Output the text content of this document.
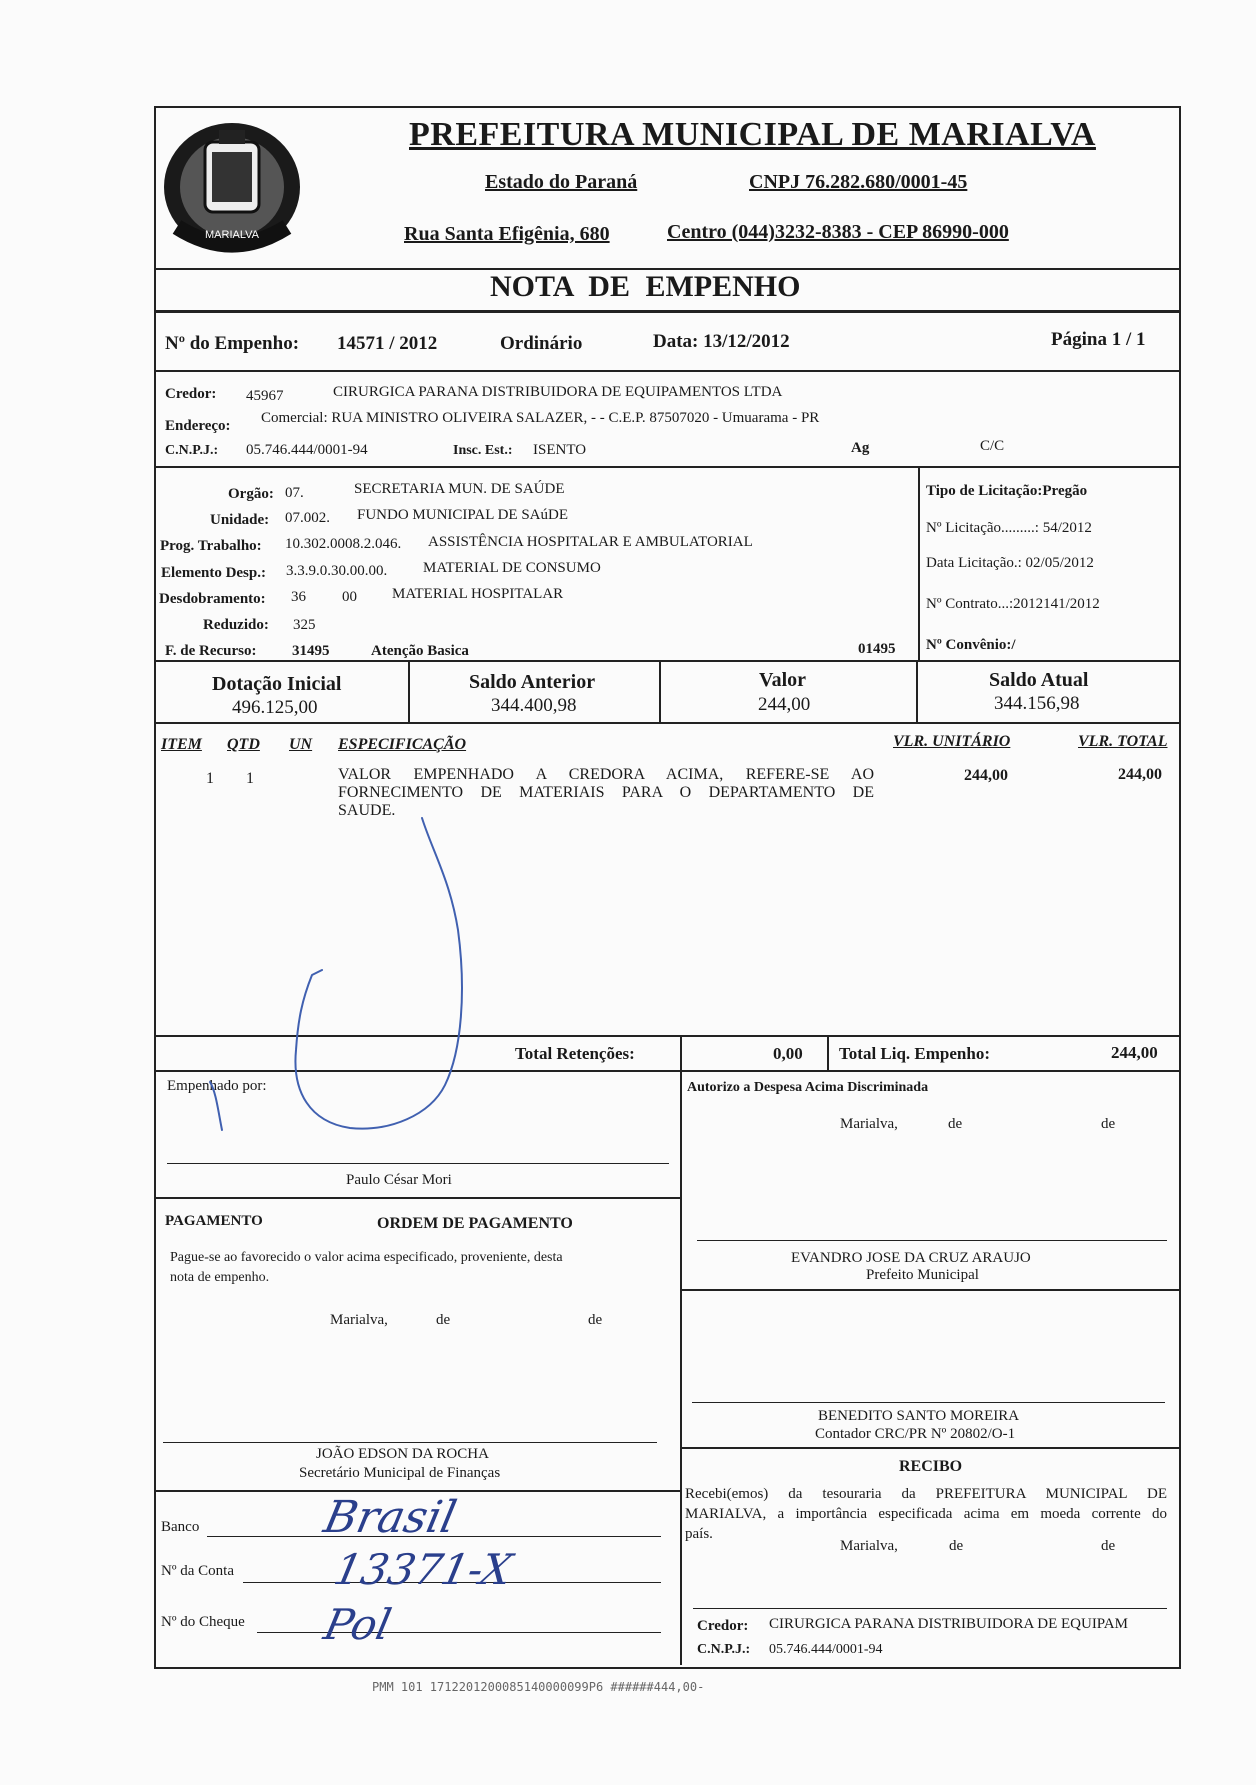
MARIALVA
PREFEITURA MUNICIPAL DE MARIALVA
Estado do Paraná	CNPJ 76.282.680/0001-45
Rua Santa Efigênia, 680	Centro (044)3232-8383 - CEP 86990-000
NOTA DE EMPENHO
Nº do Empenho: 14571 / 2012	Ordinário	Data: 13/12/2012	Página 1 / 1
Credor: 45967	CIRURGICA PARANA DISTRIBUIDORA DE EQUIPAMENTOS LTDA
Endereço: Comercial: RUA MINISTRO OLIVEIRA SALAZER, - - C.E.P. 87507020 - Umuarama - PR
C.N.P.J.: 05.746.444/0001-94	Insc. Est.: ISENTO	Ag	C/C
Orgão: 07.	SECRETARIA MUN. DE SAÚDE
Unidade: 07.002. FUNDO MUNICIPAL DE SAúDE
Prog. Trabalho: 10.302.0008.2.046. ASSISTÊNCIA HOSPITALAR E AMBULATORIAL
Elemento Desp.: 3.3.9.0.30.00.00. MATERIAL DE CONSUMO
Desdobramento: 36 00 MATERIAL HOSPITALAR
Reduzido: 325
F. de Recurso: 31495	Atenção Basica	01495
Tipo de Licitação:Pregão
Nº Licitação.........: 54/2012
Data Licitação.: 02/05/2012
Nº Contrato...:2012141/2012
Nº Convênio:/
Dotação Inicial
496.125,00
Saldo Anterior
344.400,98
Valor
244,00
Saldo Atual
344.156,98
ITEM QTD UN ESPECIFICAÇÃO	VLR. UNITÁRIO	VLR. TOTAL
1 1	VALOR EMPENHADO A CREDORA ACIMA, REFERE-SE AO
FORNECIMENTO DE MATERIAIS PARA O DEPARTAMENTO DE
SAUDE.
244,00	244,00
Total Retenções:	0,00 Total Liq. Empenho:	244,00
Empenhado por:
Paulo César Mori
Autorizo a Despesa Acima Discriminada
Marialva,	de	de
EVANDRO JOSE DA CRUZ ARAUJO
Prefeito Municipal
PAGAMENTO	ORDEM DE PAGAMENTO
Pague-se ao favorecido o valor acima especificado, proveniente, desta
nota de empenho.
Marialva,	de	de
BENEDITO SANTO MOREIRA
Contador CRC/PR Nº 20802/O-1
JOÃO EDSON DA ROCHA
Secretário Municipal de Finanças	RECIBO
Recebi(emos) da tesouraria da PREFEITURA MUNICIPAL DE
MARIALVA, a importância especificada acima em moeda corrente do
país.
Marialva,	de	de
Credor: CIRURGICA PARANA DISTRIBUIDORA DE EQUIPAM
C.N.P.J.: 05.746.444/0001-94
Banco
Nº da Conta
Nº do Cheque
Brasil
13371-X
Pol
PMM 101 1712201200085140000099P6 ######444,00-
